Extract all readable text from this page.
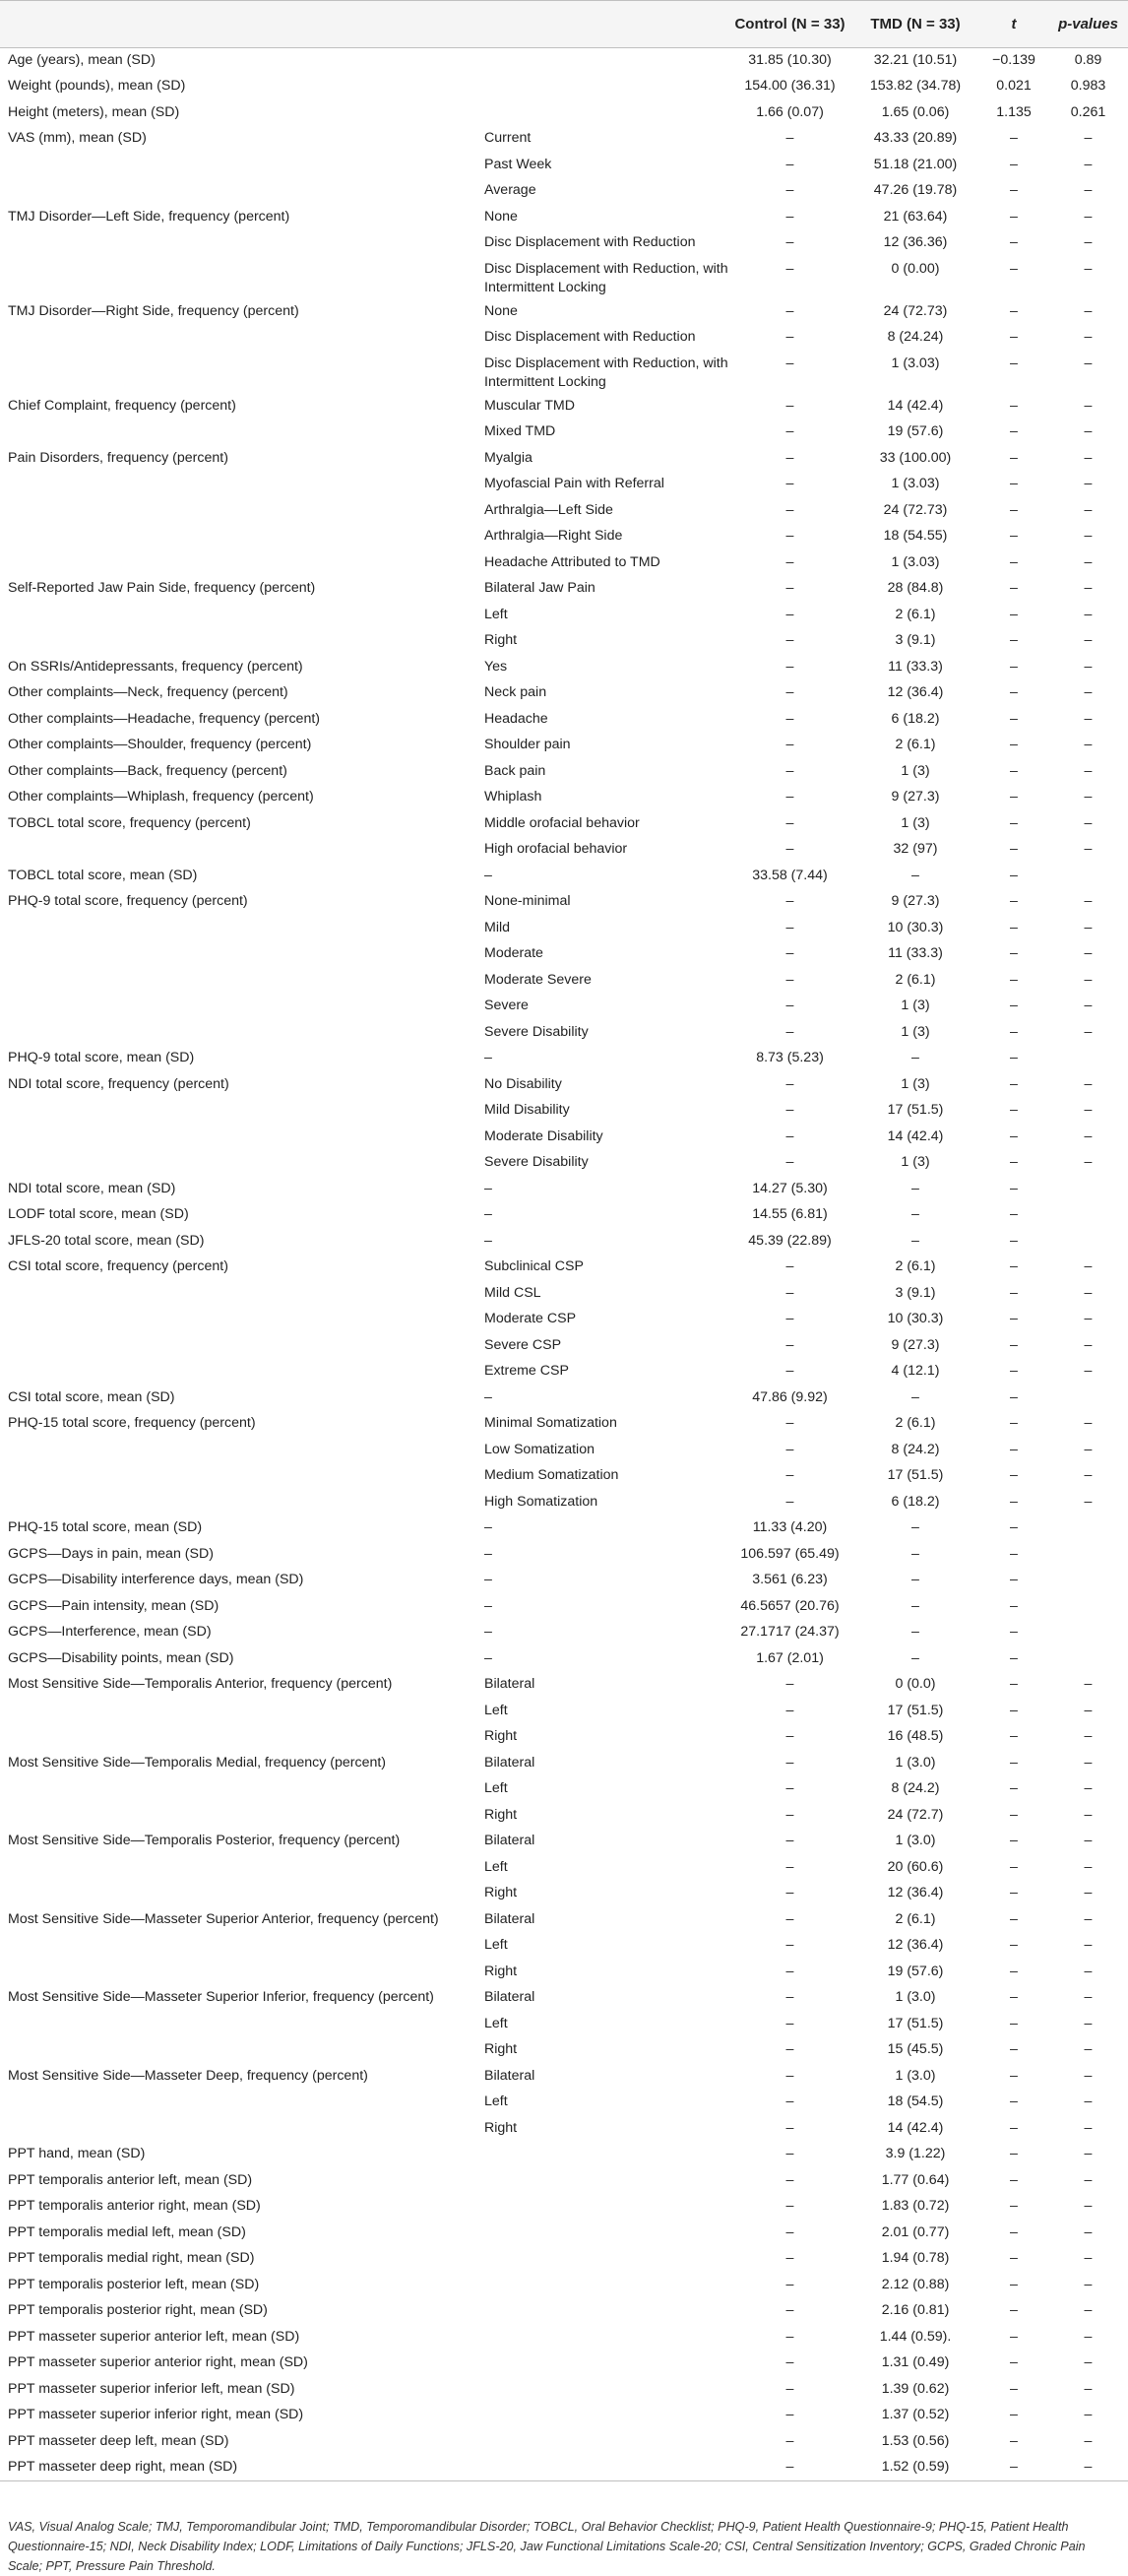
		Control (N = 33)	TMD (N = 33)	t	p-values
Age (years), mean (SD)		31.85 (10.30)	32.21 (10.51)	−0.139	0.89
Weight (pounds), mean (SD)		154.00 (36.31)	153.82 (34.78)	0.021	0.983
Height (meters), mean (SD)		1.66 (0.07)	1.65 (0.06)	1.135	0.261
VAS (mm), mean (SD)	Current	–	43.33 (20.89)	–	–
	Past Week	–	51.18 (21.00)	–	–
	Average	–	47.26 (19.78)	–	–
TMJ Disorder—Left Side, frequency (percent)	None	–	21 (63.64)	–	–
	Disc Displacement with Reduction	–	12 (36.36)	–	–
	Disc Displacement with Reduction, with Intermittent Locking	–	0 (0.00)	–	–
TMJ Disorder—Right Side, frequency (percent)	None	–	24 (72.73)	–	–
	Disc Displacement with Reduction	–	8 (24.24)	–	–
	Disc Displacement with Reduction, with Intermittent Locking	–	1 (3.03)	–	–
Chief Complaint, frequency (percent)	Muscular TMD	–	14 (42.4)	–	–
	Mixed TMD	–	19 (57.6)	–	–
Pain Disorders, frequency (percent)	Myalgia	–	33 (100.00)	–	–
	Myofascial Pain with Referral	–	1 (3.03)	–	–
	Arthralgia—Left Side	–	24 (72.73)	–	–
	Arthralgia—Right Side	–	18 (54.55)	–	–
	Headache Attributed to TMD	–	1 (3.03)	–	–
Self-Reported Jaw Pain Side, frequency (percent)	Bilateral Jaw Pain	–	28 (84.8)	–	–
	Left	–	2 (6.1)	–	–
	Right	–	3 (9.1)	–	–
On SSRIs/Antidepressants, frequency (percent)	Yes	–	11 (33.3)	–	–
Other complaints—Neck, frequency (percent)	Neck pain	–	12 (36.4)	–	–
Other complaints—Headache, frequency (percent)	Headache	–	6 (18.2)	–	–
Other complaints—Shoulder, frequency (percent)	Shoulder pain	–	2 (6.1)	–	–
Other complaints—Back, frequency (percent)	Back pain	–	1 (3)	–	–
Other complaints—Whiplash, frequency (percent)	Whiplash	–	9 (27.3)	–	–
TOBCL total score, frequency (percent)	Middle orofacial behavior	–	1 (3)	–	–
	High orofacial behavior	–	32 (97)	–	–
TOBCL total score, mean (SD)	–	33.58 (7.44)	–	–	
PHQ-9 total score, frequency (percent)	None-minimal	–	9 (27.3)	–	–
	Mild	–	10 (30.3)	–	–
	Moderate	–	11 (33.3)	–	–
	Moderate Severe	–	2 (6.1)	–	–
	Severe	–	1 (3)	–	–
	Severe Disability	–	1 (3)	–	–
PHQ-9 total score, mean (SD)	–	8.73 (5.23)	–	–	
NDI total score, frequency (percent)	No Disability	–	1 (3)	–	–
	Mild Disability	–	17 (51.5)	–	–
	Moderate Disability	–	14 (42.4)	–	–
	Severe Disability	–	1 (3)	–	–
NDI total score, mean (SD)	–	14.27 (5.30)	–	–	
LODF total score, mean (SD)	–	14.55 (6.81)	–	–	
JFLS-20 total score, mean (SD)	–	45.39 (22.89)	–	–	
CSI total score, frequency (percent)	Subclinical CSP	–	2 (6.1)	–	–
	Mild CSL	–	3 (9.1)	–	–
	Moderate CSP	–	10 (30.3)	–	–
	Severe CSP	–	9 (27.3)	–	–
	Extreme CSP	–	4 (12.1)	–	–
CSI total score, mean (SD)	–	47.86 (9.92)	–	–	
PHQ-15 total score, frequency (percent)	Minimal Somatization	–	2 (6.1)	–	–
	Low Somatization	–	8 (24.2)	–	–
	Medium Somatization	–	17 (51.5)	–	–
	High Somatization	–	6 (18.2)	–	–
PHQ-15 total score, mean (SD)	–	11.33 (4.20)	–	–	
GCPS—Days in pain, mean (SD)	–	106.597 (65.49)	–	–	
GCPS—Disability interference days, mean (SD)	–	3.561 (6.23)	–	–	
GCPS—Pain intensity, mean (SD)	–	46.5657 (20.76)	–	–	
GCPS—Interference, mean (SD)	–	27.1717 (24.37)	–	–	
GCPS—Disability points, mean (SD)	–	1.67 (2.01)	–	–	
Most Sensitive Side—Temporalis Anterior, frequency (percent)	Bilateral	–	0 (0.0)	–	–
	Left	–	17 (51.5)	–	–
	Right	–	16 (48.5)	–	–
Most Sensitive Side—Temporalis Medial, frequency (percent)	Bilateral	–	1 (3.0)	–	–
	Left	–	8 (24.2)	–	–
	Right	–	24 (72.7)	–	–
Most Sensitive Side—Temporalis Posterior, frequency (percent)	Bilateral	–	1 (3.0)	–	–
	Left	–	20 (60.6)	–	–
	Right	–	12 (36.4)	–	–
Most Sensitive Side—Masseter Superior Anterior, frequency (percent)	Bilateral	–	2 (6.1)	–	–
	Left	–	12 (36.4)	–	–
	Right	–	19 (57.6)	–	–
Most Sensitive Side—Masseter Superior Inferior, frequency (percent)	Bilateral	–	1 (3.0)	–	–
	Left	–	17 (51.5)	–	–
	Right	–	15 (45.5)	–	–
Most Sensitive Side—Masseter Deep, frequency (percent)	Bilateral	–	1 (3.0)	–	–
	Left	–	18 (54.5)	–	–
	Right	–	14 (42.4)	–	–
PPT hand, mean (SD)		–	3.9 (1.22)	–	–
PPT temporalis anterior left, mean (SD)		–	1.77 (0.64)	–	–
PPT temporalis anterior right, mean (SD)		–	1.83 (0.72)	–	–
PPT temporalis medial left, mean (SD)		–	2.01 (0.77)	–	–
PPT temporalis medial right, mean (SD)		–	1.94 (0.78)	–	–
PPT temporalis posterior left, mean (SD)		–	2.12 (0.88)	–	–
PPT temporalis posterior right, mean (SD)		–	2.16 (0.81)	–	–
PPT masseter superior anterior left, mean (SD)		–	1.44 (0.59).	–	–
PPT masseter superior anterior right, mean (SD)		–	1.31 (0.49)	–	–
PPT masseter superior inferior left, mean (SD)		–	1.39 (0.62)	–	–
PPT masseter superior inferior right, mean (SD)		–	1.37 (0.52)	–	–
PPT masseter deep left, mean (SD)		–	1.53 (0.56)	–	–
PPT masseter deep right, mean (SD)		–	1.52 (0.59)	–	–
VAS, Visual Analog Scale; TMJ, Temporomandibular Joint; TMD, Temporomandibular Disorder; TOBCL, Oral Behavior Checklist; PHQ-9, Patient Health Questionnaire-9; PHQ-15, Patient Health Questionnaire-15; NDI, Neck Disability Index; LODF, Limitations of Daily Functions; JFLS-20, Jaw Functional Limitations Scale-20; CSI, Central Sensitization Inventory; GCPS, Graded Chronic Pain Scale; PPT, Pressure Pain Threshold.
